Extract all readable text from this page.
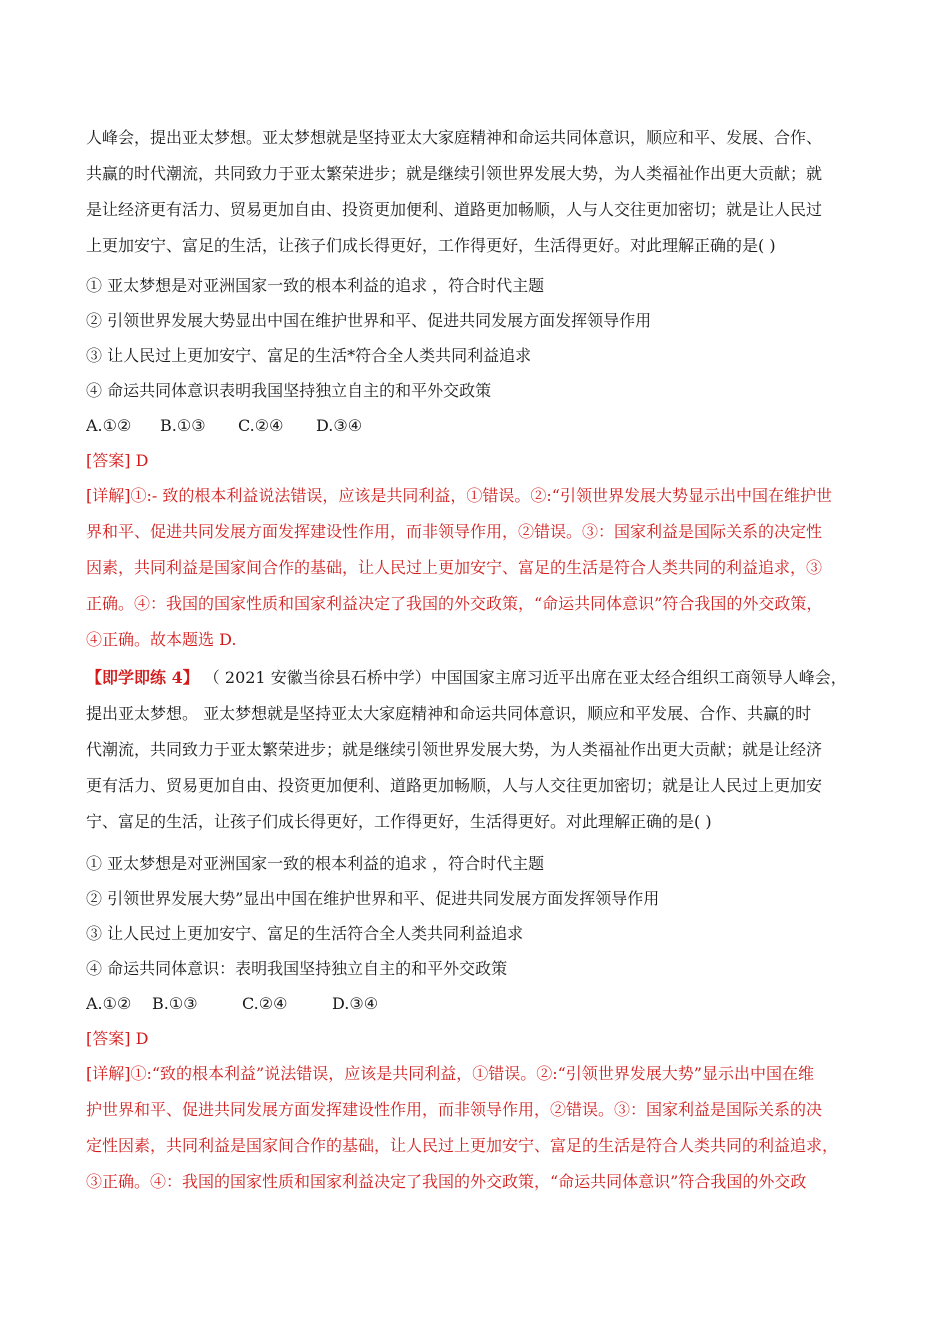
人峰会，提出亚太梦想。亚太梦想就是坚持亚太大家庭精神和命运共同体意识，顺应和平、发展、合作、
共赢的时代潮流，共同致力于亚太繁荣进步；就是继续引领世界发展大势，为人类福祉作出更大贡献；就
是让经济更有活力、贸易更加自由、投资更加便利、道路更加畅顺，人与人交往更加密切；就是让人民过
上更加安宁、富足的生活，让孩子们成长得更好，工作得更好，生活得更好。对此理解正确的是( )
① 亚太梦想是对亚洲国家一致的根本利益的追求 ，符合时代主题
② 引领世界发展大势显出中国在维护世界和平、促进共同发展方面发挥领导作用
③ 让人民过上更加安宁、富足的生活*符合全人类共同利益追求
④ 命运共同体意识表明我国坚持独立自主的和平外交政策
A.①② B.①③ C.②④ D.③④
[答案] D
[详解]①:- 致的根本利益说法错误，应该是共同利益，①错误。②:“引领世界发展大势显示出中国在维护世
界和平、促进共同发展方面发挥建设性作用，而非领导作用，②错误。③：国家利益是国际关系的决定性
因素，共同利益是国家间合作的基础，让人民过上更加安宁、富足的生活是符合人类共同的利益追求，③
正确。④：我国的国家性质和国家利益决定了我国的外交政策，“命运共同体意识”符合我国的外交政策，
④正确。故本题选 D.
【即学即练 4】 （ 2021 安徽当徐县石桥中学）中国国家主席习近平出席在亚太经合组织工商领导人峰会，
提出亚太梦想。 亚太梦想就是坚持亚太大家庭精神和命运共同体意识，顺应和平发展、合作、共赢的时
代潮流，共同致力于亚太繁荣进步；就是继续引领世界发展大势，为人类福祉作出更大贡献；就是让经济
更有活力、贸易更加自由、投资更加便利、道路更加畅顺，人与人交往更加密切；就是让人民过上更加安
宁、富足的生活，让孩子们成长得更好，工作得更好，生活得更好。对此理解正确的是( )
① 亚太梦想是对亚洲国家一致的根本利益的追求 ，符合时代主题
② 引领世界发展大势”显出中国在维护世界和平、促进共同发展方面发挥领导作用
③ 让人民过上更加安宁、富足的生活符合全人类共同利益追求
④ 命运共同体意识：表明我国坚持独立自主的和平外交政策
A.①② B.①③	C.②④	D.③④
[答案] D
[详解]①:“致的根本利益”说法错误，应该是共同利益，①错误。②:“引领世界发展大势”显示出中国在维
护世界和平、促进共同发展方面发挥建设性作用，而非领导作用，②错误。③：国家利益是国际关系的决
定性因素，共同利益是国家间合作的基础，让人民过上更加安宁、富足的生活是符合人类共同的利益追求，
③正确。④：我国的国家性质和国家利益决定了我国的外交政策，“命运共同体意识”符合我国的外交政
